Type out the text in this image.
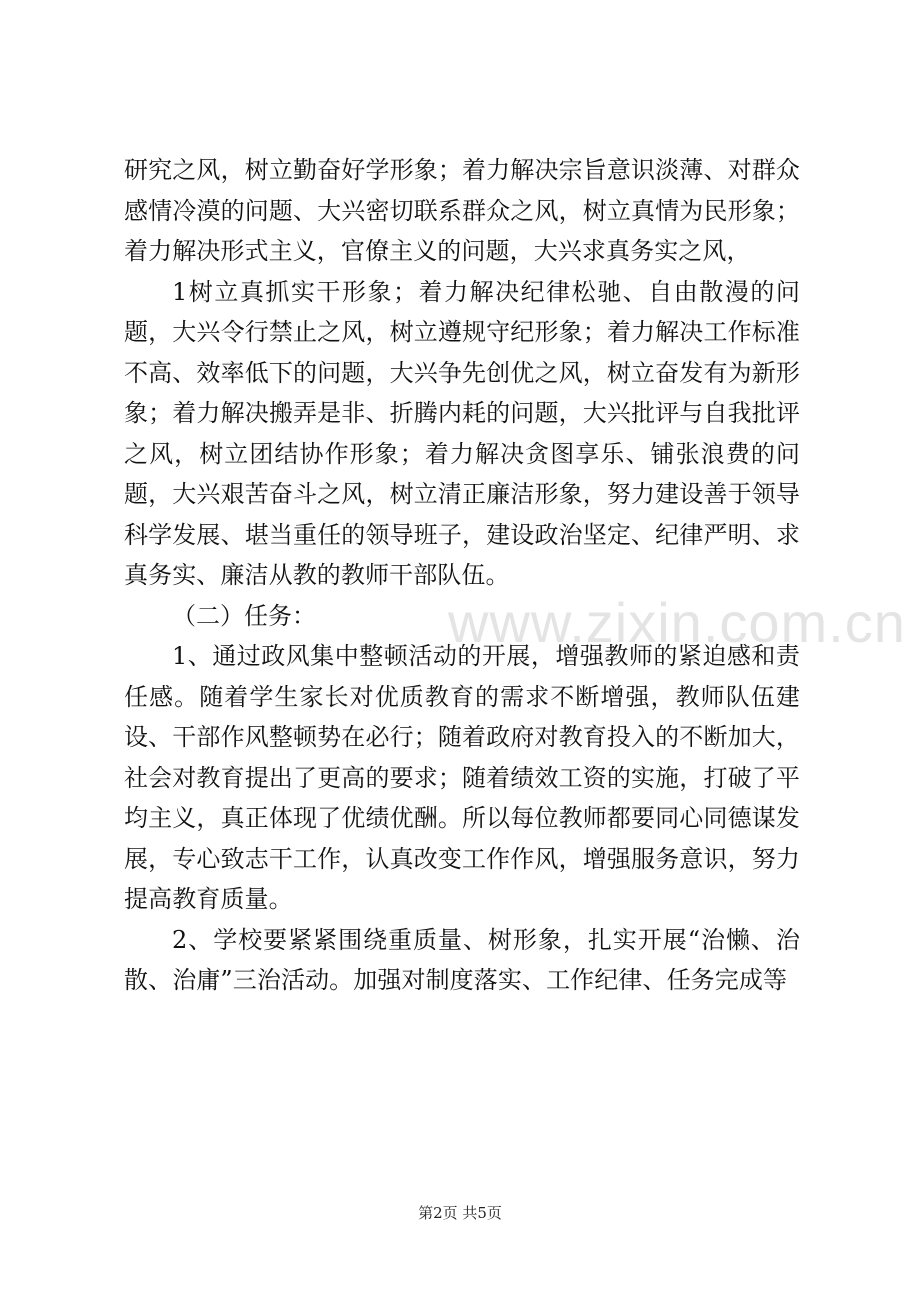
研究之风，树立勤奋好学形象；着力解决宗旨意识淡薄、对群众感情冷漠的问题、大兴密切联系群众之风，树立真情为民形象；着力解决形式主义，官僚主义的问题，大兴求真务实之风，

1树立真抓实干形象；着力解决纪律松驰、自由散漫的问题，大兴令行禁止之风，树立遵规守纪形象；着力解决工作标准不高、效率低下的问题，大兴争先创优之风，树立奋发有为新形象；着力解决搬弄是非、折腾内耗的问题，大兴批评与自我批评之风，树立团结协作形象；着力解决贪图享乐、铺张浪费的问题，大兴艰苦奋斗之风，树立清正廉洁形象，努力建设善于领导科学发展、堪当重任的领导班子，建设政治坚定、纪律严明、求真务实、廉洁从教的教师干部队伍。

（二）任务：

1、通过政风集中整顿活动的开展，增强教师的紧迫感和责任感。随着学生家长对优质教育的需求不断增强，教师队伍建设、干部作风整顿势在必行；随着政府对教育投入的不断加大，社会对教育提出了更高的要求；随着绩效工资的实施，打破了平均主义，真正体现了优绩优酬。所以每位教师都要同心同德谋发展，专心致志干工作，认真改变工作作风，增强服务意识，努力提高教育质量。

2、学校要紧紧围绕重质量、树形象，扎实开展“治懒、治散、治庸”三治活动。加强对制度落实、工作纪律、任务完成等

www.zixin.com.cn
第2页 共5页
